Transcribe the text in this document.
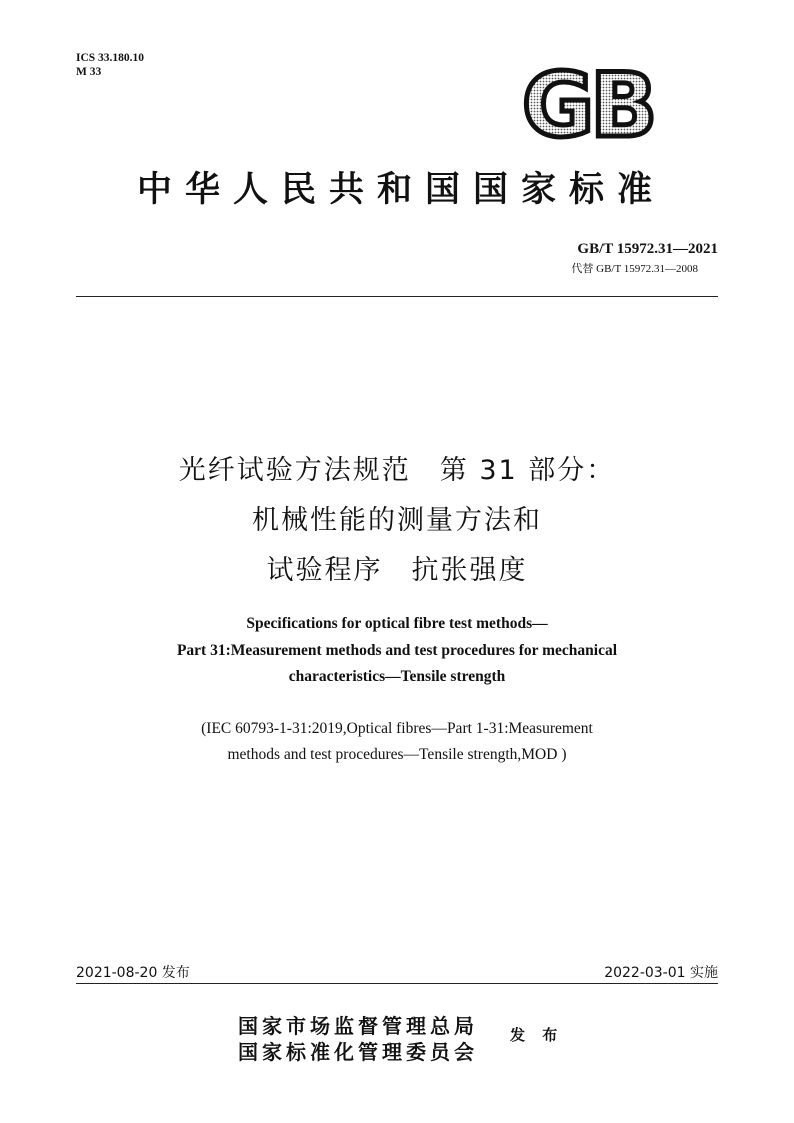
ICS 33.180.10
M 33	GB
中华人民共和国国家标准
GB/T 15972.31—2021
代替 GB/T 15972.31—2008
光纤试验方法规范　第 31 部分：
机械性能的测量方法和
试验程序　抗张强度
Specifications for optical fibre test methods—
Part 31:Measurement methods and test procedures for mechanical
characteristics—Tensile strength
(IEC 60793-1-31:2019,Optical fibres—Part 1-31:Measurement
methods and test procedures—Tensile strength,MOD )
2021-08-20 发布	2022-03-01 实施
国家市场监督管理总局
国家标准化管理委员会
发 布
